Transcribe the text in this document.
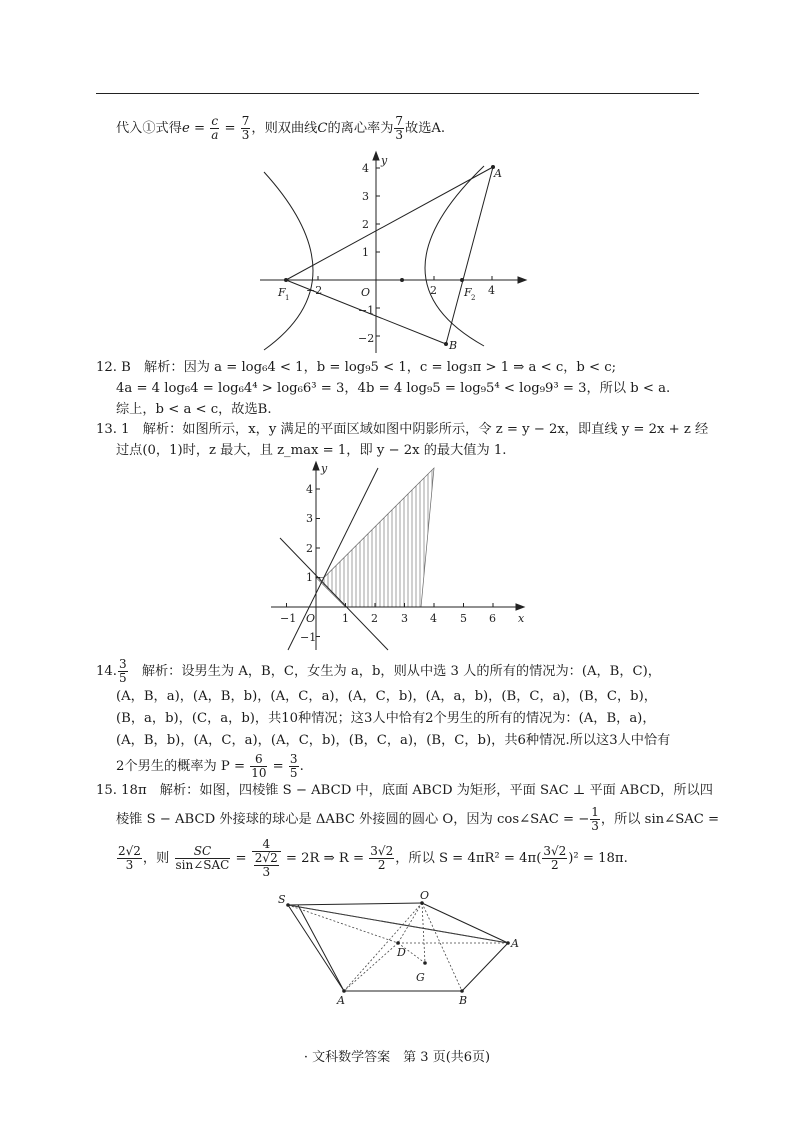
代入①式得$e = \frac{c}{a} = \frac{7}{3}$ ，则双曲线C的离心率为 $\frac{7}{3}$ 故选A.
y
A
B
F 1	F 2
O
4
3
2
1
−1
−2
−2	2	4
12. B　解析：因为 a = log₆4 < 1，b = log₉5 < 1，c = log₃π > 1 ⇒ a < c，b < c;
4a = 4 log₆4 = log₆4⁴ > log₆6³ = 3，4b = 4 log₉5 = log₉5⁴ < log₉9³ = 3，所以 b < a.
综上，b < a < c，故选B.
13. 1　解析：如图所示，x，y 满足的平面区域如图中阴影所示，令 z = y − 2x，即直线 y = 2x + z 经
过点(0，1)时，z 最大，且 z_max = 1，即 y − 2x 的最大值为 1.
y
x
O
4
3
2
1
−1
−1	1 2 3 4 5 6
14. $\frac{3}{5}$
　 解析：设男生为 A，B，C，女生为 a，b，则从中选 3 人的所有的情况为：(A，B，C)，
(A，B，a)，(A，B，b)，(A，C，a)，(A，C，b)，(A，a，b)，(B，C，a)，(B，C，b)，
(B，a，b)，(C，a，b)，共10种情况；这3人中恰有2个男生的所有的情况为：(A，B，a)，
(A，B，b)，(A，C，a)，(A，C，b)，(B，C，a)，(B，C，b)，共6种情况.所以这3人中恰有
2个男生的概率为 $P = \frac{6}{10} = \frac{3}{5}$ .
15. 18π　解析：如图，四棱锥 S − ABCD 中，底面 ABCD 为矩形，平面 SAC ⊥ 平面 ABCD，所以四
棱锥 S − ABCD 外接球的球心是 ΔABC 外接圆的圆心 O，因为 cos∠SAC = − $\frac{1}{3}$ ，所以 sin∠SAC =
$\frac{2√2}{3}$ ，则 $\frac{SC}{\text{sin∠SAC}} = \frac{4}{\frac{2√2}{3}} = 2R$ ⇒ $R = \frac{3√2}{2}$ ，所以 $S = 4\pi R^2 = 4\pi( \frac{3√2}{2} )^2 = 18\pi$.
S	O
A
D
G
A	B
· 文科数学答案　第 3 页(共6页)
